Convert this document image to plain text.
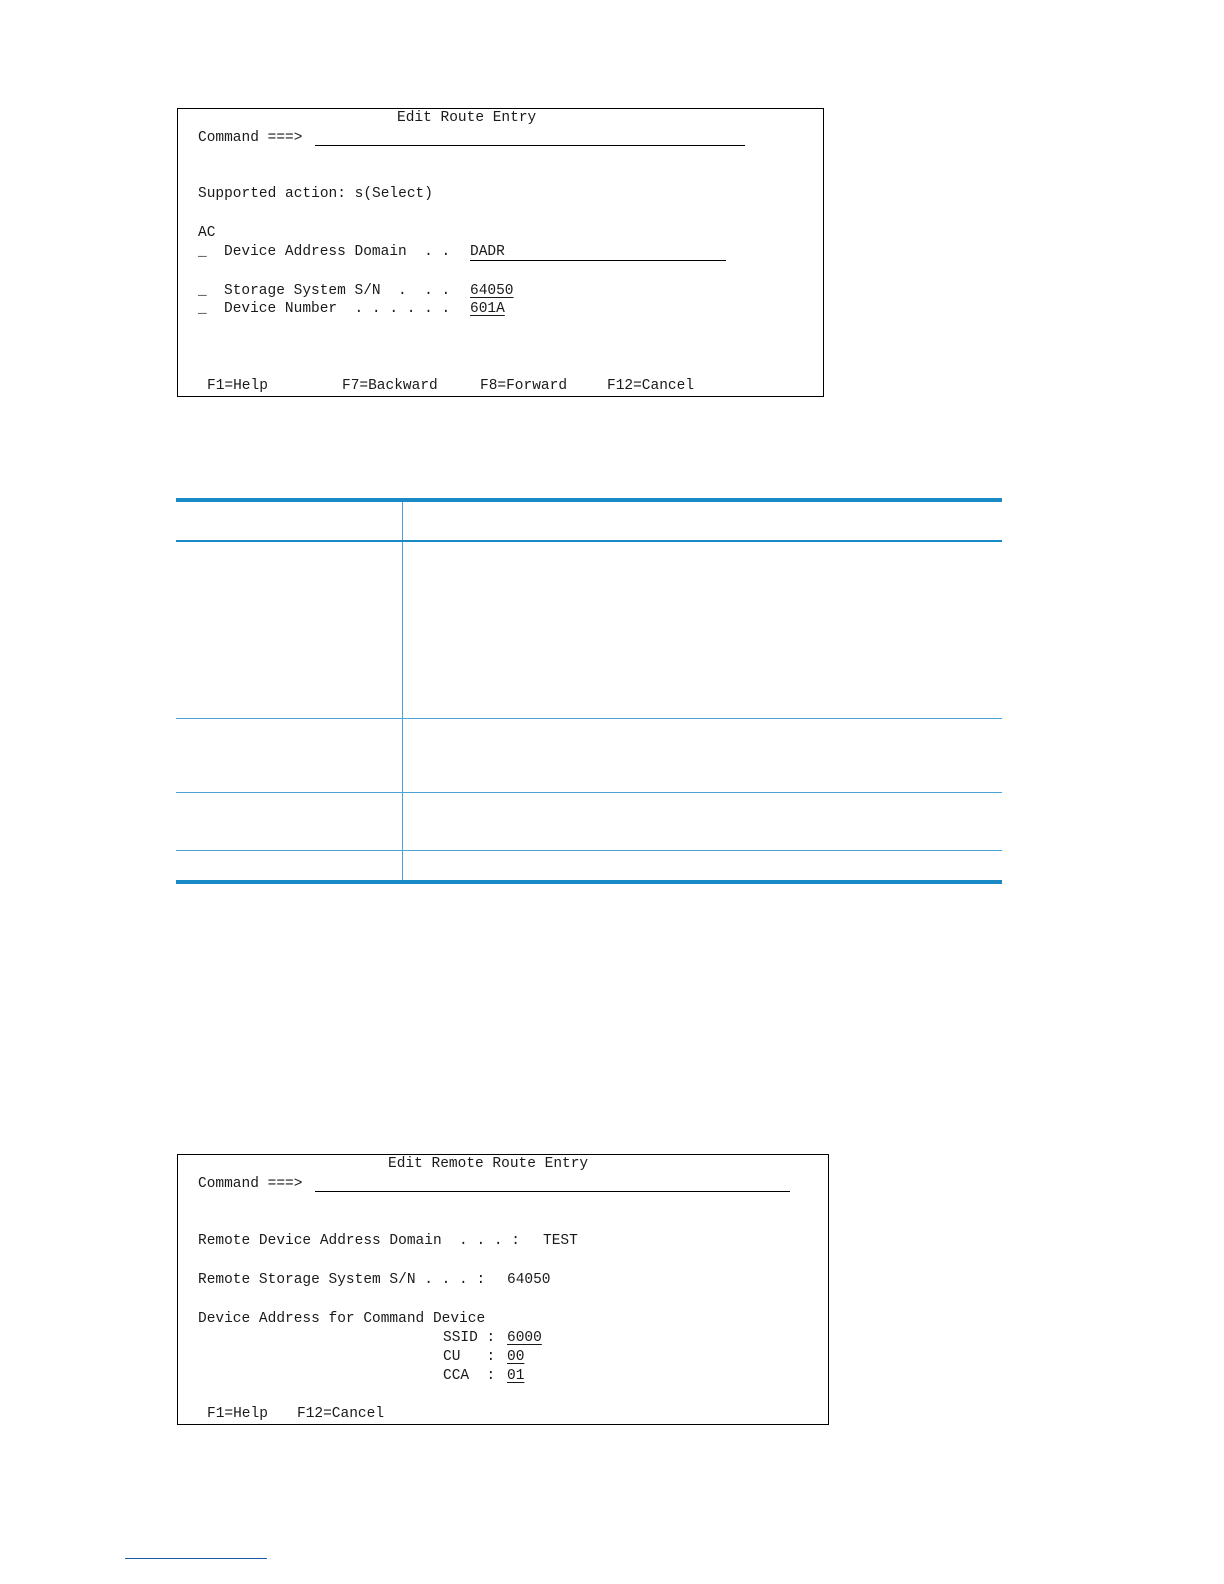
Edit Route Entry
Command ===>
Supported action: s(Select)
AC
_ Device Address Domain  . . DADR
_ Storage System S/N  .  . . 64050
_ Device Number  . . . . . . 601A
F1=Help	F7=Backward	F8=Forward	F12=Cancel
Edit Remote Route Entry
Command ===>
Remote Device Address Domain  . . . : TEST
Remote Storage System S/N . . . : 64050
Device Address for Command Device
SSID : 6000
CU   : 00
CCA  : 01
F1=Help F12=Cancel
